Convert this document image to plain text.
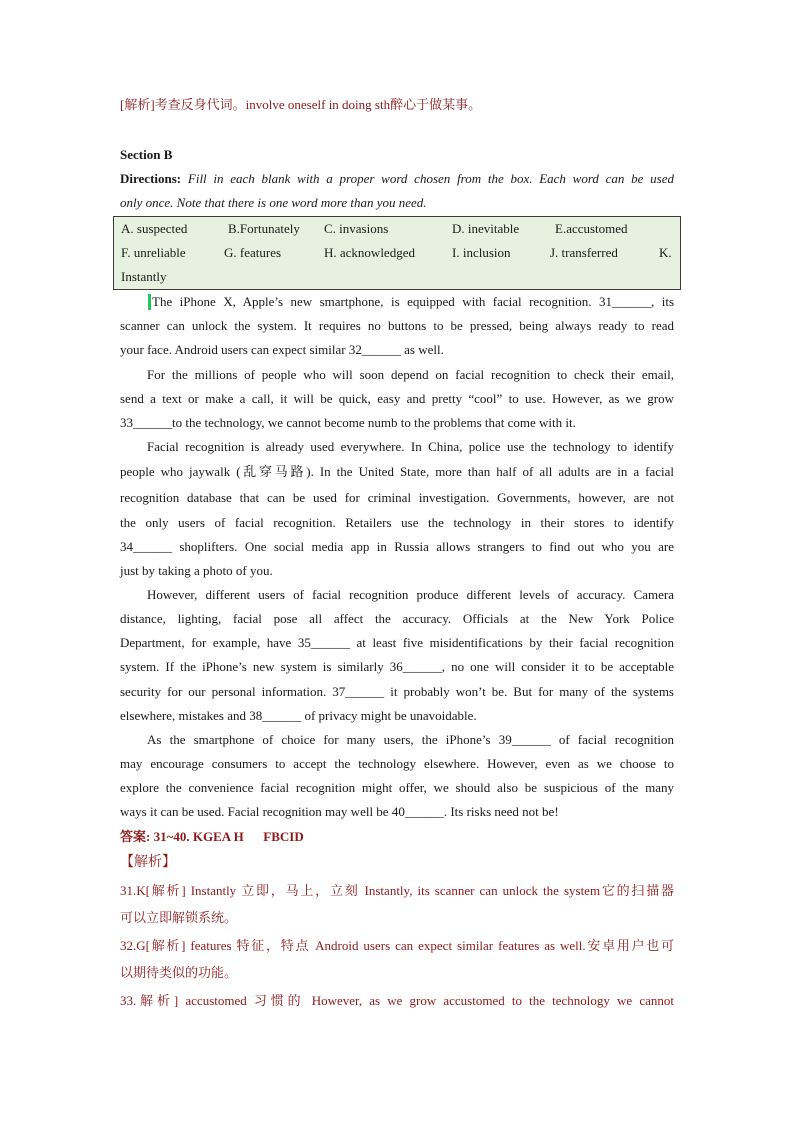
[解析]考查反身代词。involve oneself in doing sth醉心于做某事。
Section B
Directions: Fill in each blank with a proper word chosen from the box. Each word can be used
only once. Note that there is one word more than you need.
A. suspected	B.Fortunately C. invasions	D. inevitable	E.accustomed
F. unreliable	G. features	H. acknowledged	I. inclusion	J. transferred	K.
Instantly
The iPhone X, Apple’s new smartphone, is equipped with facial recognition. 31______, its
scanner can unlock the system. It requires no buttons to be pressed, being always ready to read
your face. Android users can expect similar 32______ as well.
For the millions of people who will soon depend on facial recognition to check their email,
send a text or make a call, it will be quick, easy and pretty “cool” to use. However, as we grow
33______to the technology, we cannot become numb to the problems that come with it.
Facial recognition is already used everywhere. In China, police use the technology to identify
people who jaywalk (乱穿马路). In the United State, more than half of all adults are in a facial
recognition database that can be used for criminal investigation. Governments, however, are not
the only users of facial recognition. Retailers use the technology in their stores to identify
34______ shoplifters. One social media app in Russia allows strangers to find out who you are
just by taking a photo of you.
However, different users of facial recognition produce different levels of accuracy. Camera
distance, lighting, facial pose all affect the accuracy. Officials at the New York Police
Department, for example, have 35______ at least five misidentifications by their facial recognition
system. If the iPhone’s new system is similarly 36______, no one will consider it to be acceptable
security for our personal information. 37______ it probably won’t be. But for many of the systems
elsewhere, mistakes and 38______ of privacy might be unavoidable.
As the smartphone of choice for many users, the iPhone’s 39______ of facial recognition
may encourage consumers to accept the technology elsewhere. However, even as we choose to
explore the convenience facial recognition might offer, we should also be suspicious of the many
ways it can be used. Facial recognition may well be 40______. Its risks need not be!
答案: 31~40. KGEA H      FBCID
【解析】
31.K[解析] Instantly 立即，马上，立刻 Instantly, its scanner can unlock the system它的扫描器
可以立即解锁系统。
32.G[解析] features 特征，特点 Android users can expect similar features as well.安卓用户也可
以期待类似的功能。
33.解析] accustomed 习惯的 However, as we grow accustomed to the technology we cannot
